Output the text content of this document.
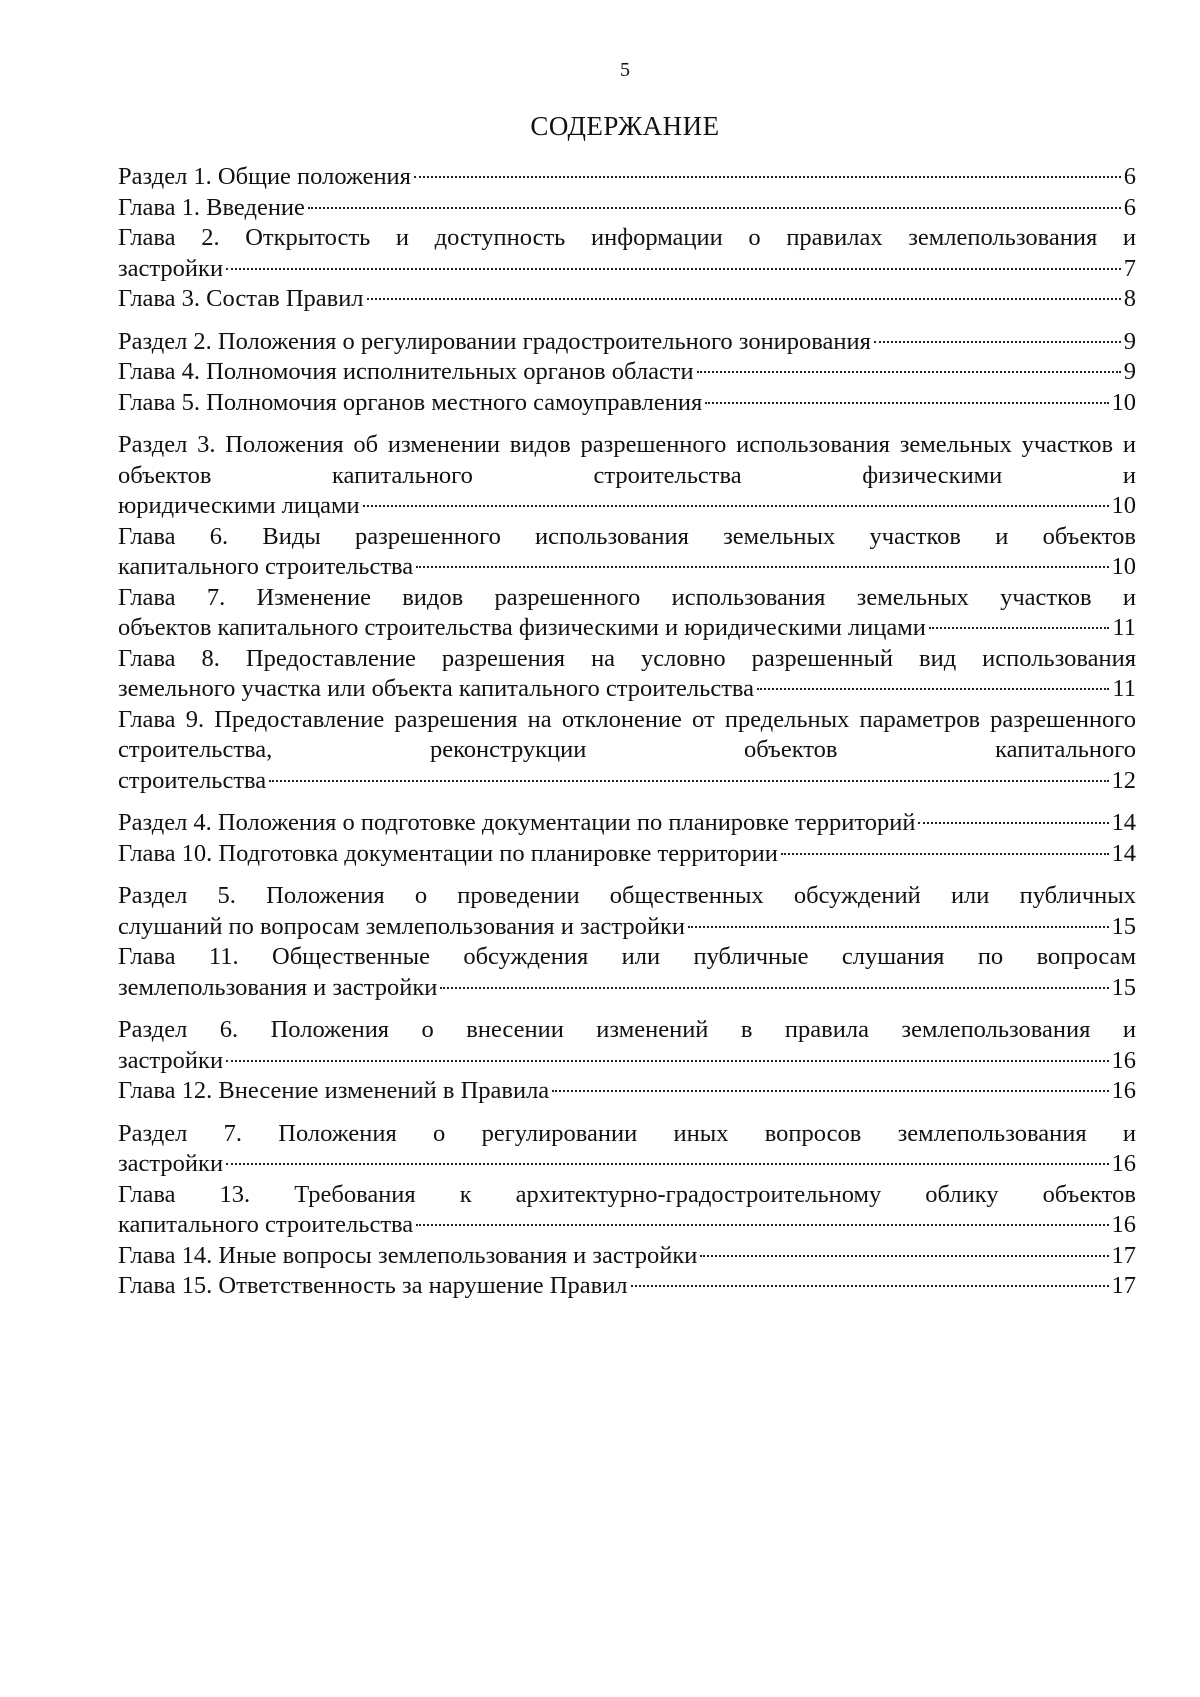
5
СОДЕРЖАНИЕ
Раздел 1. Общие положения	6
Глава 1. Введение	6
Глава 2. Открытость и доступность информации о правилах землепользования и
застройки	7
Глава 3. Состав Правил	8
Раздел 2. Положения о регулировании градостроительного зонирования	9
Глава 4. Полномочия исполнительных органов области	9
Глава 5. Полномочия органов местного самоуправления	10
Раздел 3. Положения об изменении видов разрешенного использования земельных участков и объектов капитального строительства физическими и
юридическими лицами	10
Глава 6. Виды разрешенного использования земельных участков и объектов
капитального строительства	10
Глава 7. Изменение видов разрешенного использования земельных участков и
объектов капитального строительства физическими и юридическими лицами	11
Глава 8. Предоставление разрешения на условно разрешенный вид использования
земельного участка или объекта капитального строительства	11
Глава 9. Предоставление разрешения на отклонение от предельных параметров разрешенного строительства, реконструкции объектов капитального
строительства	12
Раздел 4. Положения о подготовке документации по планировке территорий	14
Глава 10. Подготовка документации по планировке территории	14
Раздел 5. Положения о проведении общественных обсуждений или публичных
слушаний по вопросам землепользования и застройки	15
Глава 11. Общественные обсуждения или публичные слушания по вопросам
землепользования и застройки	15
Раздел 6. Положения о внесении изменений в правила землепользования и
застройки	16
Глава 12. Внесение изменений в Правила	16
Раздел 7. Положения о регулировании иных вопросов землепользования и
застройки	16
Глава 13. Требования к архитектурно-градостроительному облику объектов
капитального строительства	16
Глава 14. Иные вопросы землепользования и застройки	17
Глава 15. Ответственность за нарушение Правил	17
